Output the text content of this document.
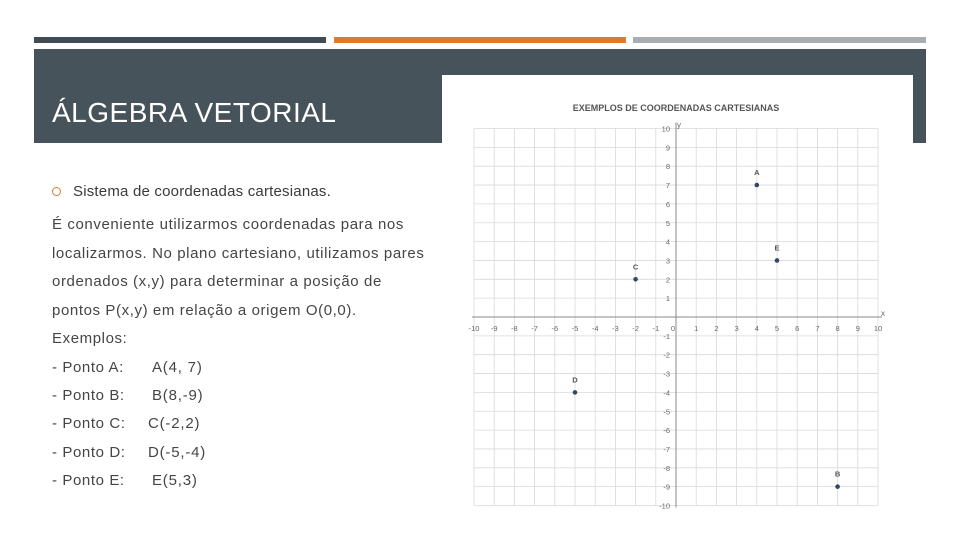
ÁLGEBRA VETORIAL
Sistema de coordenadas cartesianas.
É conveniente utilizarmos coordenadas para nos
localizarmos. No plano cartesiano, utilizamos pares
ordenados (x,y) para determinar a posição de
pontos P(x,y) em relação a origem O(0,0).
Exemplos:
- Ponto A: A(4, 7)
- Ponto B: B(8,-9)
- Ponto C: C(-2,2)
- Ponto D: D(-5,-4)
- Ponto E: E(5,3)
EXEMPLOS DE COORDENADAS CARTESIANAS
-10 -9 -8 -7 -6 -5 -4 -3 -2 -1 0	1 2 3 4 5 6 7 8 9 10
-10
-9
-8
-7
-6
-5
-4
-3
-2
-1
1
2
3
4
5
6
7
8
9
10
A
B
C
D
E
x
y
